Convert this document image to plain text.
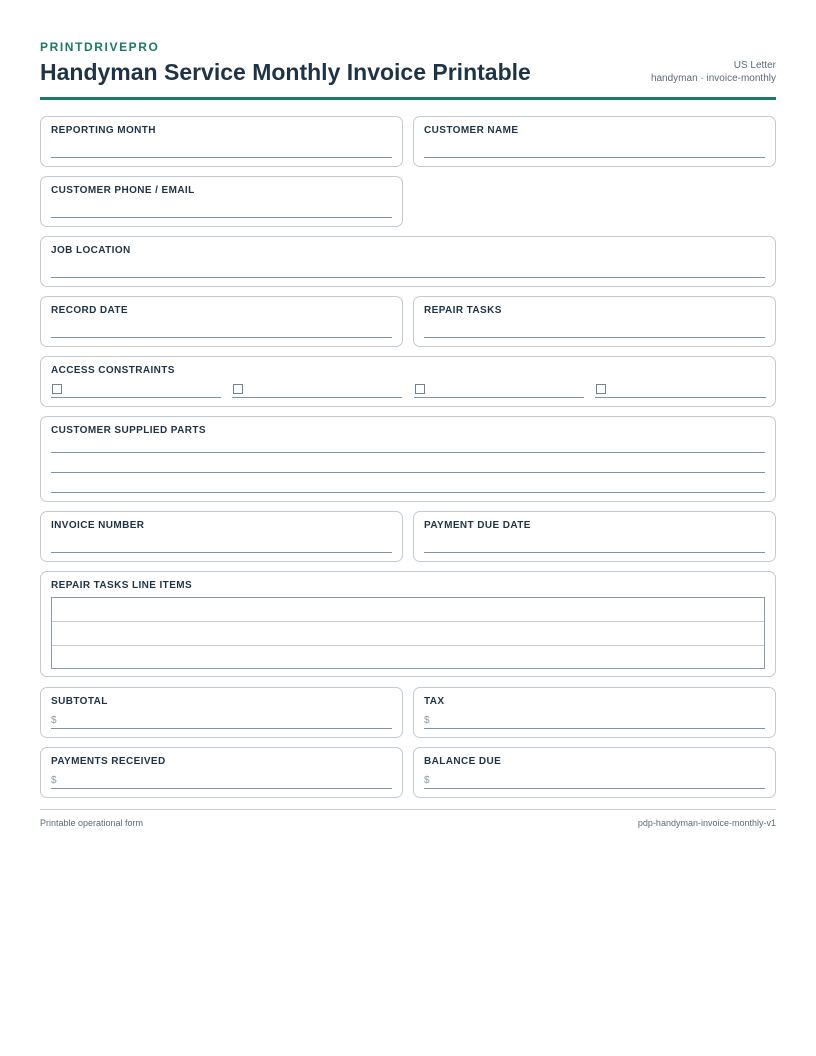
PRINTDRIVEPRO
Handyman Service Monthly Invoice Printable	US Letter
handyman · invoice-monthly
REPORTING MONTH	CUSTOMER NAME
CUSTOMER PHONE / EMAIL
JOB LOCATION
RECORD DATE	REPAIR TASKS
ACCESS CONSTRAINTS
CUSTOMER SUPPLIED PARTS
INVOICE NUMBER	PAYMENT DUE DATE
REPAIR TASKS LINE ITEMS
SUBTOTAL
$
TAX
$
PAYMENTS RECEIVED
$
BALANCE DUE
$
Printable operational form	pdp-handyman-invoice-monthly-v1
